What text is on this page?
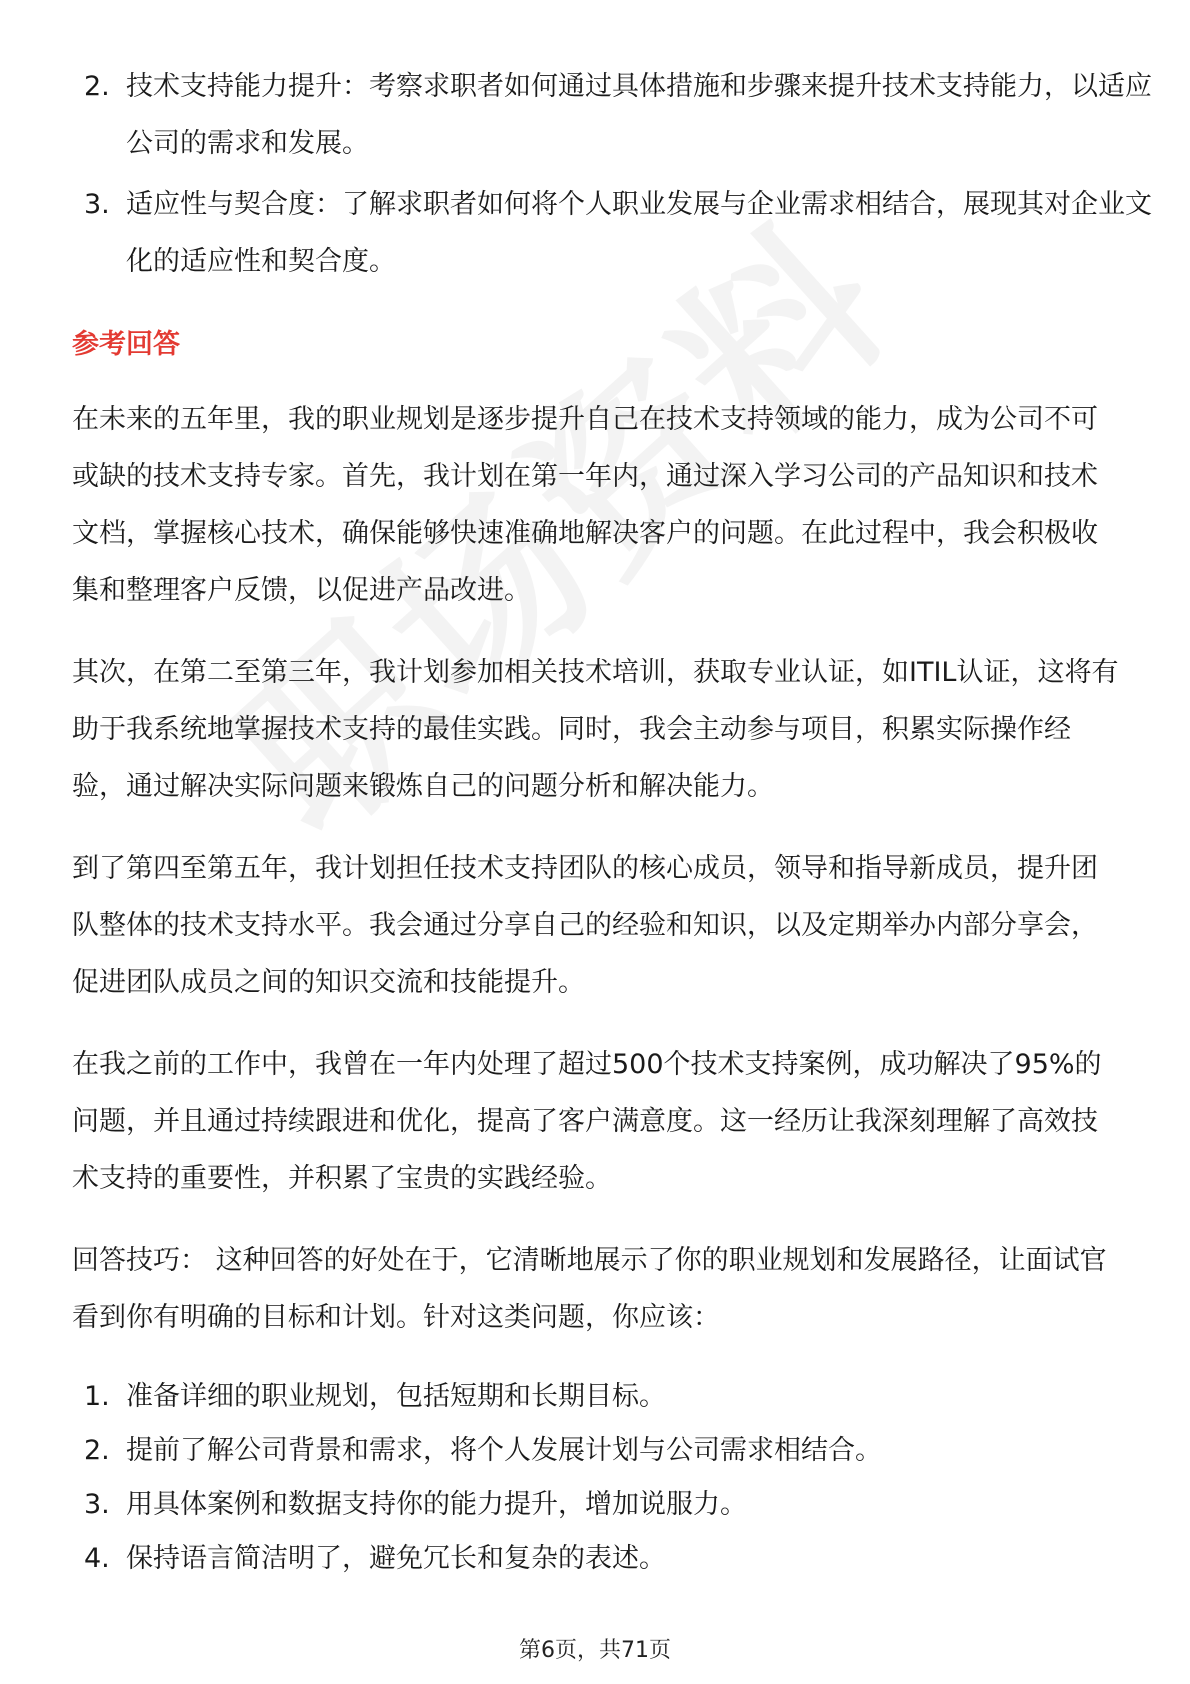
2. 技术支持能力提升：考察求职者如何通过具体措施和步骤来提升技术支持能力，以适应公司的需求和发展。
3. 适应性与契合度：了解求职者如何将个人职业发展与企业需求相结合，展现其对企业文化的适应性和契合度。
参考回答

在未来的五年里，我的职业规划是逐步提升自己在技术支持领域的能力，成为公司不可或缺的技术支持专家。首先，我计划在第一年内，通过深入学习公司的产品知识和技术文档，掌握核心技术，确保能够快速准确地解决客户的问题。在此过程中，我会积极收集和整理客户反馈，以促进产品改进。

其次，在第二至第三年，我计划参加相关技术培训，获取专业认证，如ITIL认证，这将有助于我系统地掌握技术支持的最佳实践。同时，我会主动参与项目，积累实际操作经验，通过解决实际问题来锻炼自己的问题分析和解决能力。

到了第四至第五年，我计划担任技术支持团队的核心成员，领导和指导新成员，提升团队整体的技术支持水平。我会通过分享自己的经验和知识，以及定期举办内部分享会，促进团队成员之间的知识交流和技能提升。

在我之前的工作中，我曾在一年内处理了超过500个技术支持案例，成功解决了95%的问题，并且通过持续跟进和优化，提高了客户满意度。这一经历让我深刻理解了高效技术支持的重要性，并积累了宝贵的实践经验。

回答技巧： 这种回答的好处在于，它清晰地展示了你的职业规划和发展路径，让面试官看到你有明确的目标和计划。针对这类问题，你应该：

1. 准备详细的职业规划，包括短期和长期目标。
2. 提前了解公司背景和需求，将个人发展计划与公司需求相结合。
3. 用具体案例和数据支持你的能力提升，增加说服力。
4. 保持语言简洁明了，避免冗长和复杂的表述。
第6页，共71页
